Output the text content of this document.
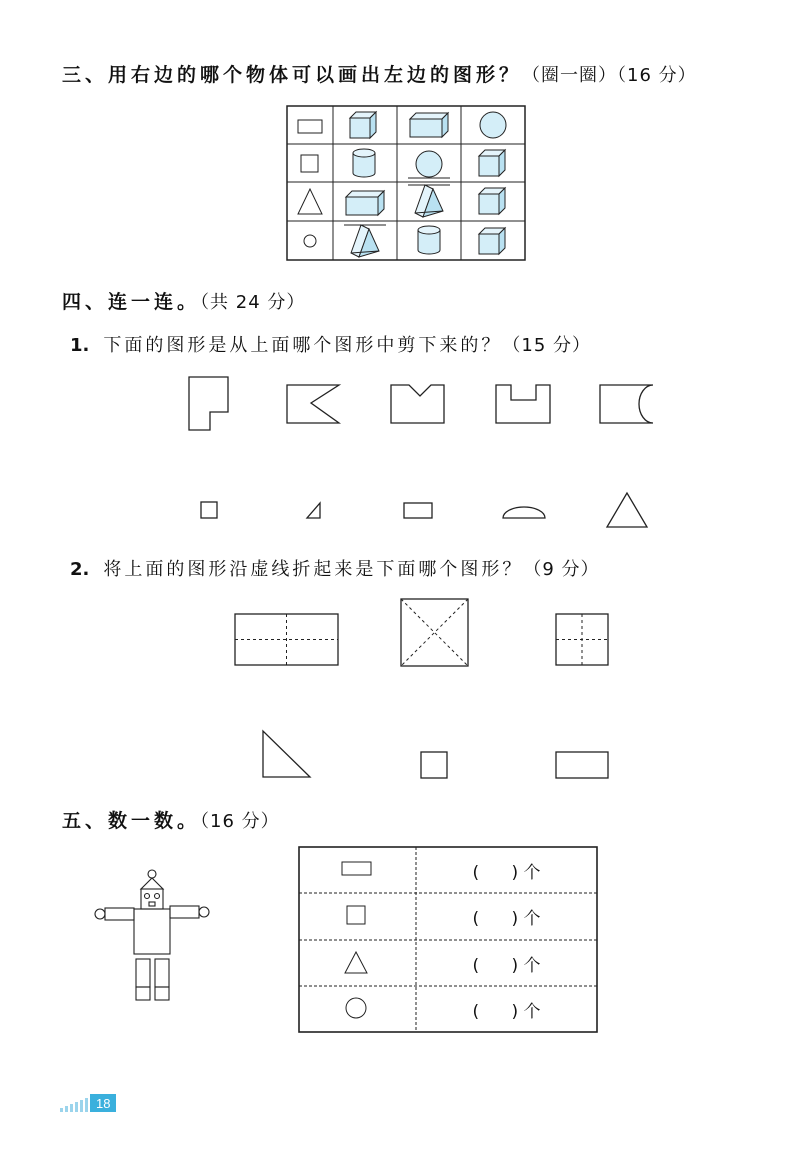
三、用右边的哪个物体可以画出左边的图形？（圈一圈）（16 分）
四、连一连。（共 24 分）
1. 下面的图形是从上面哪个图形中剪下来的？（15 分）
2. 将上面的图形沿虚线折起来是下面哪个图形？（9 分）
五、数一数。（16 分）
(      ) 个
(      ) 个
(      ) 个
(      ) 个
18
